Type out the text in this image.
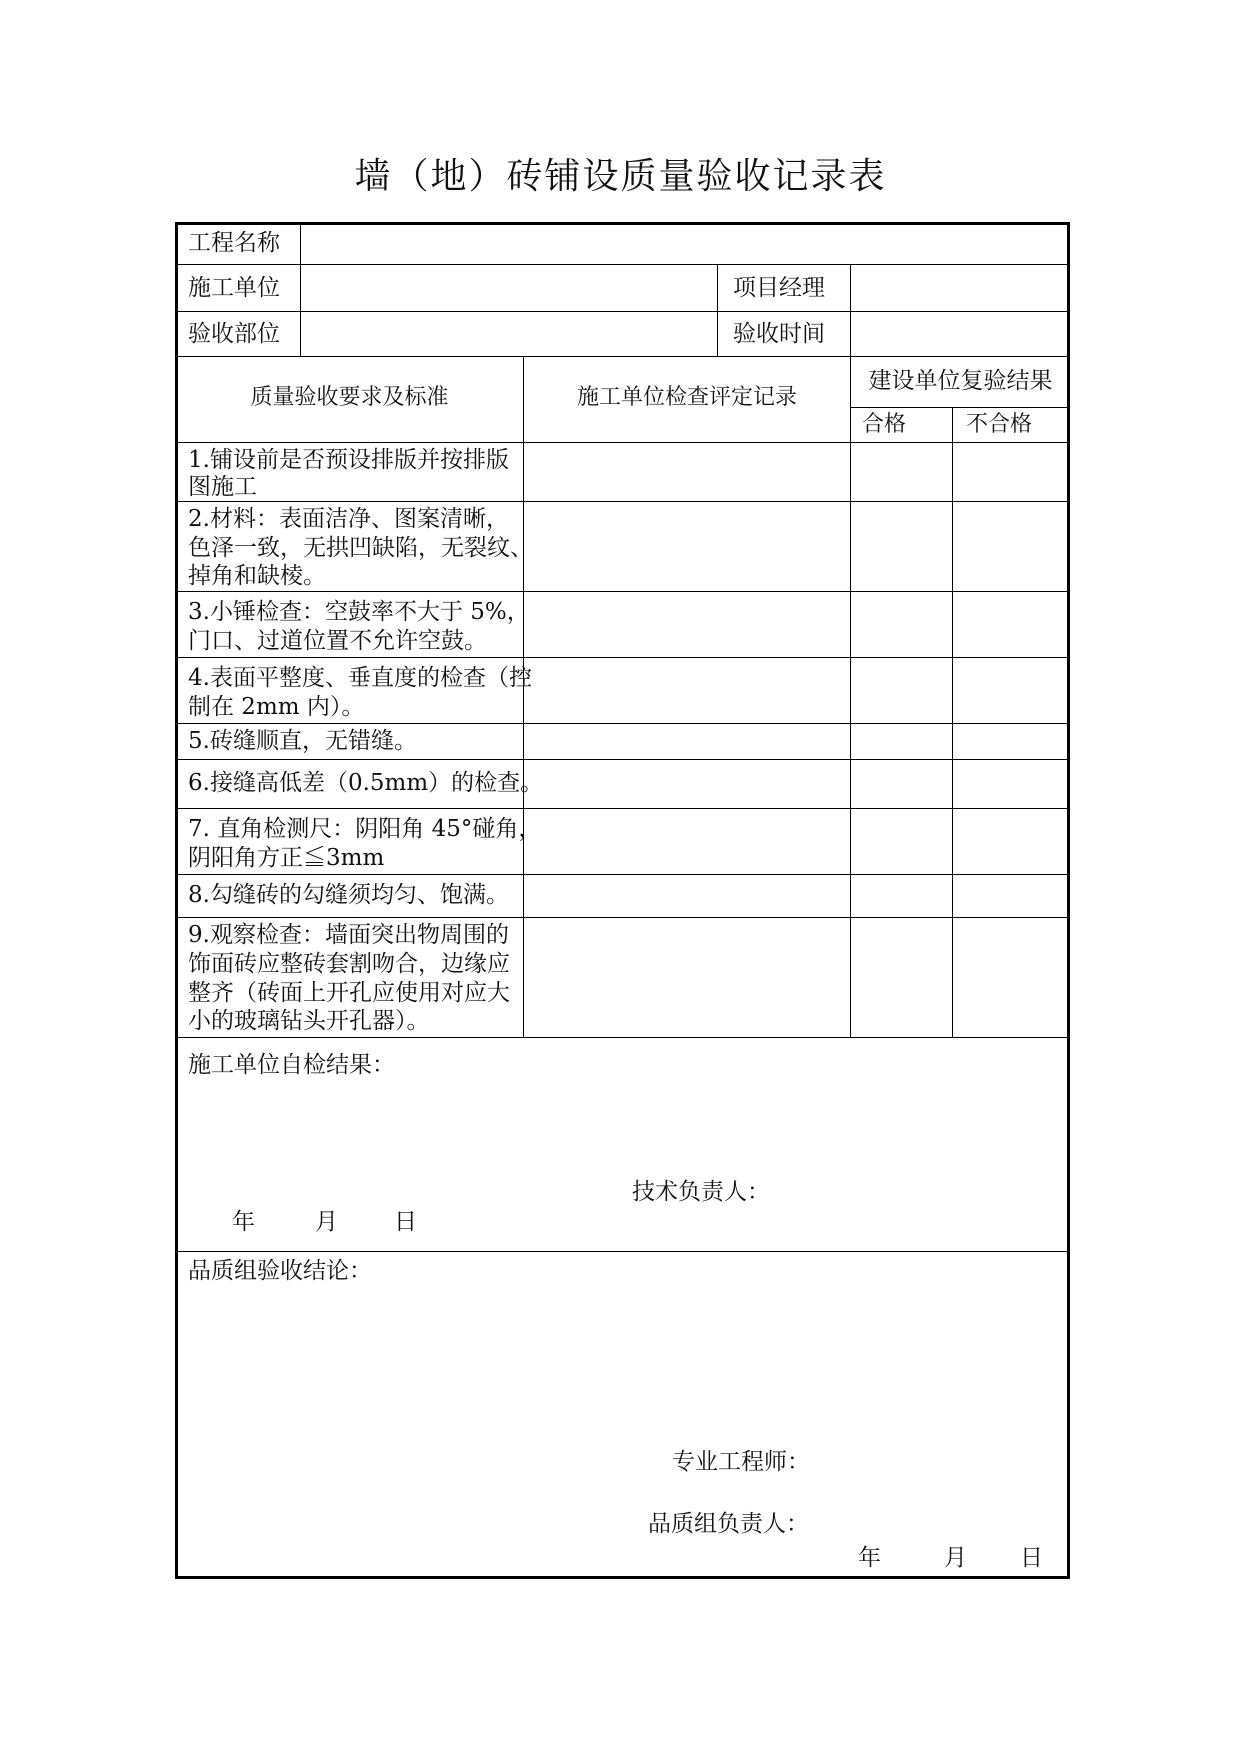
墙（地）砖铺设质量验收记录表
工程名称
施工单位	项目经理
验收部位	验收时间
质量验收要求及标准	施工单位检查评定记录
建设单位复验结果
合格	不合格
1.铺设前是否预设排版并按排版
图施工
2.材料：表面洁净、图案清晰，
色泽一致，无拱凹缺陷，无裂纹、
掉角和缺棱。
3.小锤检查：空鼓率不大于 5%，
门口、过道位置不允许空鼓。
4.表面平整度、垂直度的检查（控
制在 2mm 内）。
5.砖缝顺直，无错缝。
6.接缝高低差（0.5mm）的检查。
7. 直角检测尺：阴阳角 45°碰角，
阴阳角方正≦3mm
8.勾缝砖的勾缝须均匀、饱满。
9.观察检查：墙面突出物周围的
饰面砖应整砖套割吻合，边缘应
整齐（砖面上开孔应使用对应大
小的玻璃钻头开孔器）。
施工单位自检结果：
技术负责人：
年	月 日
品质组验收结论：
专业工程师：
品质组负责人：
年	月 日
